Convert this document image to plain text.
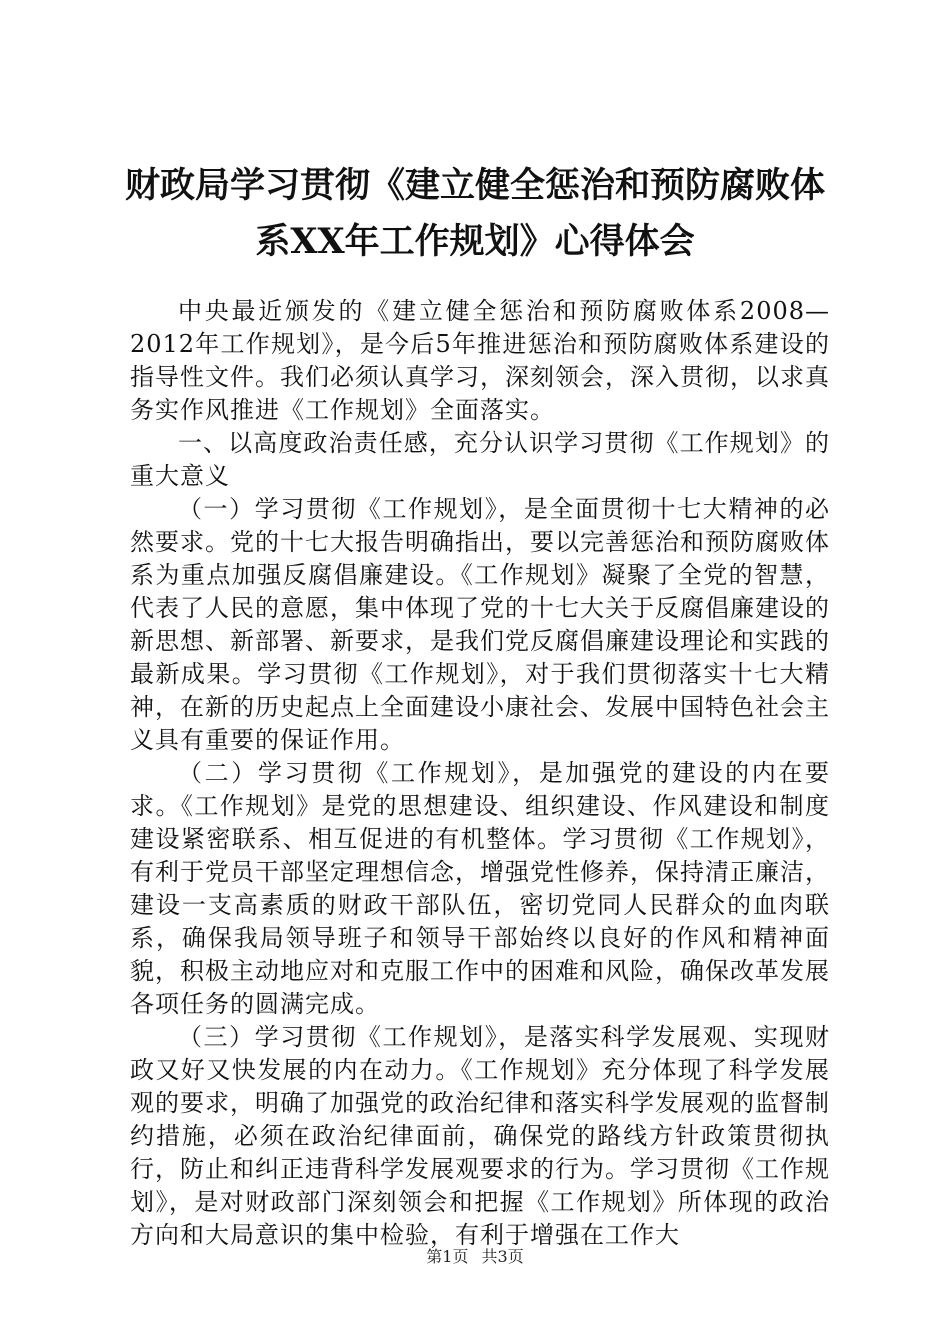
财政局学习贯彻《建立健全惩治和预防腐败体
系XX年工作规划》心得体会

中央最近颁发的《建立健全惩治和预防腐败体系2008—2012年工作规划》，是今后5年推进惩治和预防腐败体系建设的指导性文件。我们必须认真学习，深刻领会，深入贯彻，以求真务实作风推进《工作规划》全面落实。

一、以高度政治责任感，充分认识学习贯彻《工作规划》的重大意义

（一）学习贯彻《工作规划》，是全面贯彻十七大精神的必然要求。党的十七大报告明确指出，要以完善惩治和预防腐败体系为重点加强反腐倡廉建设。《工作规划》凝聚了全党的智慧，代表了人民的意愿，集中体现了党的十七大关于反腐倡廉建设的新思想、新部署、新要求，是我们党反腐倡廉建设理论和实践的最新成果。学习贯彻《工作规划》，对于我们贯彻落实十七大精神，在新的历史起点上全面建设小康社会、发展中国特色社会主义具有重要的保证作用。

（二）学习贯彻《工作规划》，是加强党的建设的内在要求。《工作规划》是党的思想建设、组织建设、作风建设和制度建设紧密联系、相互促进的有机整体。学习贯彻《工作规划》，有利于党员干部坚定理想信念，增强党性修养，保持清正廉洁，建设一支高素质的财政干部队伍，密切党同人民群众的血肉联系，确保我局领导班子和领导干部始终以良好的作风和精神面貌，积极主动地应对和克服工作中的困难和风险，确保改革发展各项任务的圆满完成。

（三）学习贯彻《工作规划》，是落实科学发展观、实现财政又好又快发展的内在动力。《工作规划》充分体现了科学发展观的要求，明确了加强党的政治纪律和落实科学发展观的监督制约措施，必须在政治纪律面前，确保党的路线方针政策贯彻执行，防止和纠正违背科学发展观要求的行为。学习贯彻《工作规划》，是对财政部门深刻领会和把握《工作规划》所体现的政治方向和大局意识的集中检验，有利于增强在工作大

第1页 共3页
